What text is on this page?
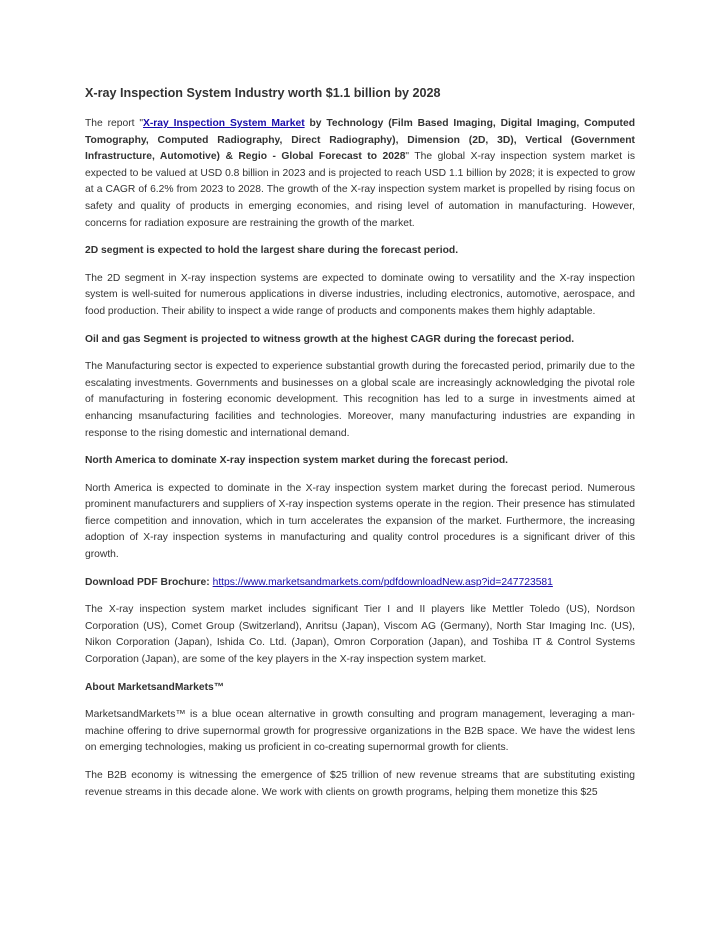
X-ray Inspection System Industry worth $1.1 billion by 2028

The report "X-ray Inspection System Market by Technology (Film Based Imaging, Digital Imaging, Computed Tomography, Computed Radiography, Direct Radiography), Dimension (2D, 3D), Vertical (Government Infrastructure, Automotive) & Regio - Global Forecast to 2028" The global X-ray inspection system market is expected to be valued at USD 0.8 billion in 2023 and is projected to reach USD 1.1 billion by 2028; it is expected to grow at a CAGR of 6.2% from 2023 to 2028. The growth of the X-ray inspection system market is propelled by rising focus on safety and quality of products in emerging economies, and rising level of automation in manufacturing. However, concerns for radiation exposure are restraining the growth of the market.

2D segment is expected to hold the largest share during the forecast period.

The 2D segment in X-ray inspection systems are expected to dominate owing to versatility and the X-ray inspection system is well-suited for numerous applications in diverse industries, including electronics, automotive, aerospace, and food production. Their ability to inspect a wide range of products and components makes them highly adaptable.

Oil and gas Segment is projected to witness growth at the highest CAGR during the forecast period.

The Manufacturing sector is expected to experience substantial growth during the forecasted period, primarily due to the escalating investments. Governments and businesses on a global scale are increasingly acknowledging the pivotal role of manufacturing in fostering economic development. This recognition has led to a surge in investments aimed at enhancing msanufacturing facilities and technologies. Moreover, many manufacturing industries are expanding in response to the rising domestic and international demand.

North America to dominate X-ray inspection system market during the forecast period.

North America is expected to dominate in the X-ray inspection system market during the forecast period. Numerous prominent manufacturers and suppliers of X-ray inspection systems operate in the region. Their presence has stimulated fierce competition and innovation, which in turn accelerates the expansion of the market. Furthermore, the increasing adoption of X-ray inspection systems in manufacturing and quality control procedures is a significant driver of this growth.

Download PDF Brochure: https://www.marketsandmarkets.com/pdfdownloadNew.asp?id=247723581

The X-ray inspection system market includes significant Tier I and II players like Mettler Toledo (US), Nordson Corporation (US), Comet Group (Switzerland), Anritsu (Japan), Viscom AG (Germany), North Star Imaging Inc. (US), Nikon Corporation (Japan), Ishida Co. Ltd. (Japan), Omron Corporation (Japan), and Toshiba IT & Control Systems Corporation (Japan), are some of the key players in the X-ray inspection system market.

About MarketsandMarkets™

MarketsandMarkets™ is a blue ocean alternative in growth consulting and program management, leveraging a man-machine offering to drive supernormal growth for progressive organizations in the B2B space. We have the widest lens on emerging technologies, making us proficient in co-creating supernormal growth for clients.

The B2B economy is witnessing the emergence of $25 trillion of new revenue streams that are substituting existing revenue streams in this decade alone. We work with clients on growth programs, helping them monetize this $25
